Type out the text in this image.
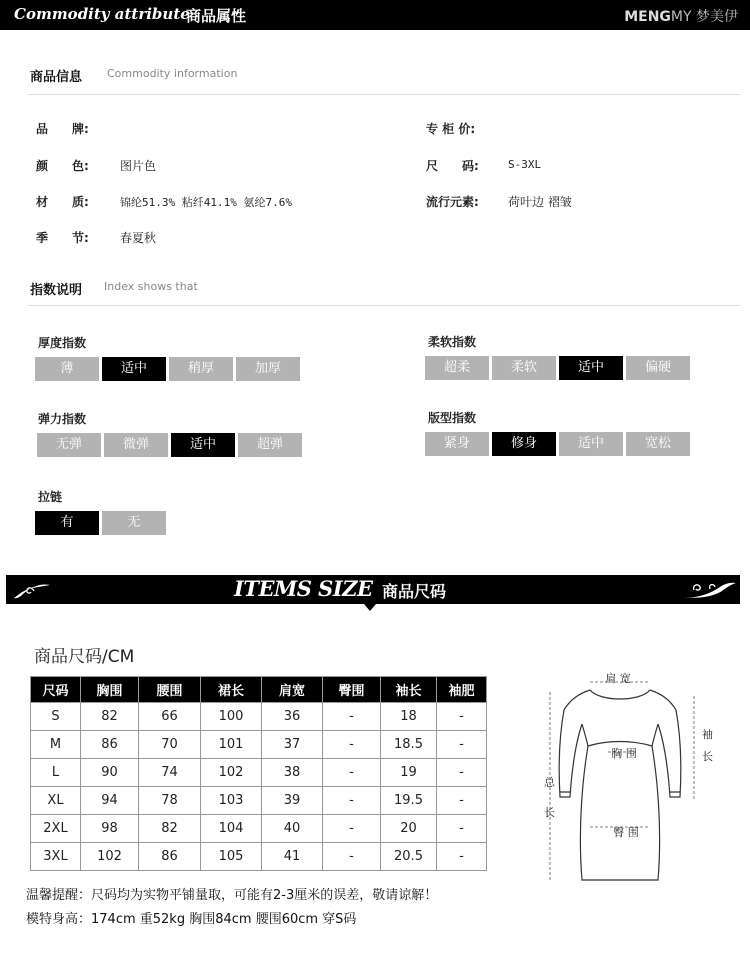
Commodity attribute
商品属性	MENGMY 梦美伊
商品信息 Commodity information
品　　牌:
颜　　色:	图片色
材　　质:	锦纶51.3% 粘纤41.1% 氨纶7.6%
季　　节:	春夏秋
专 柜 价:
尺　　码:	S-3XL
流行元素: 荷叶边 褶皱
指数说明 Index shows that
厚度指数
薄	适中	稍厚	加厚
柔软指数
超柔	柔软	适中	偏硬
弹力指数
无弹	微弹	适中	超弹
版型指数
紧身	修身	适中	宽松
拉链
有	无
ITEMS SIZE 商品尺码
商品尺码/CM
尺码	胸围	腰围	裙长	肩宽	臀围	袖长	袖肥
S	82	66	100	36	-	18	-
M	86	70	101	37	-	18.5	-
L	90	74	102	38	-	19	-
XL	94	78	103	39	-	19.5	-
2XL	98	82	104	40	-	20	-
3XL	102	86	105	41	-	20.5	-
温馨提醒：尺码均为实物平铺量取，可能有2-3厘米的误差，敬请谅解！
模特身高：174cm 重52kg 胸围84cm 腰围60cm 穿S码
肩 宽
袖
长
胸 围
总
长
臀 围
